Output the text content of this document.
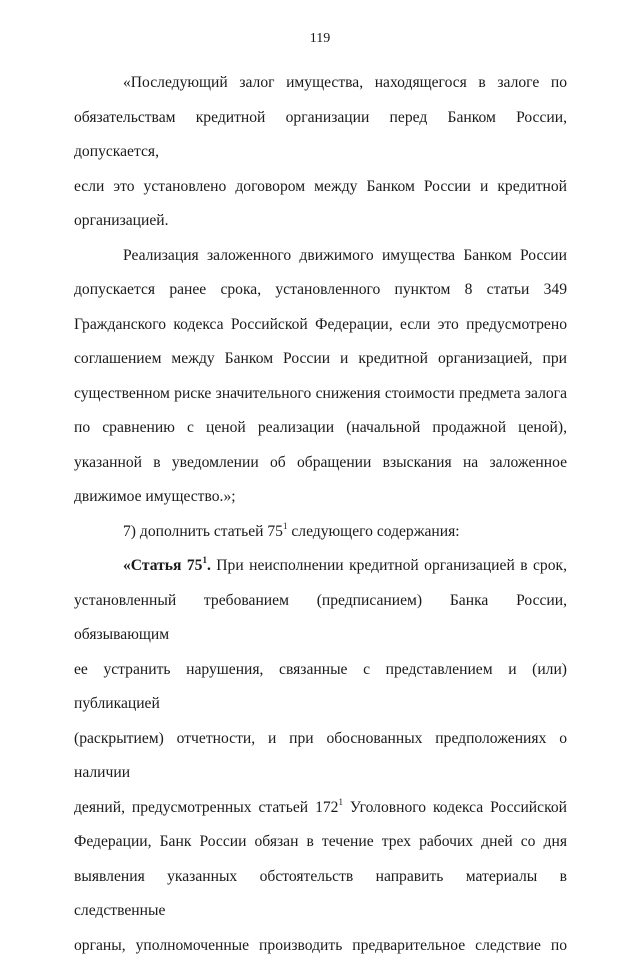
119

«Последующий залог имущества, находящегося в залоге по

обязательствам кредитной организации перед Банком России, допускается,

если это установлено договором между Банком России и кредитной

организацией.

Реализация заложенного движимого имущества Банком России

допускается ранее срока, установленного пунктом 8 статьи 349

Гражданского кодекса Российской Федерации, если это предусмотрено

соглашением между Банком России и кредитной организацией, при

существенном риске значительного снижения стоимости предмета залога

по сравнению с ценой реализации (начальной продажной ценой),

указанной в уведомлении об обращении взыскания на заложенное

движимое имущество.»;

7) дополнить статьей $75^1$ следующего содержания:

«Статья $75^1$. При неисполнении кредитной организацией в срок,

установленный требованием (предписанием) Банка России, обязывающим

ее устранить нарушения, связанные с представлением и (или) публикацией

(раскрытием) отчетности, и при обоснованных предположениях о наличии

деяний, предусмотренных статьей $172^1$ Уголовного кодекса Российской

Федерации, Банк России обязан в течение трех рабочих дней со дня

выявления указанных обстоятельств направить материалы в следственные

органы, уполномоченные производить предварительное следствие по
